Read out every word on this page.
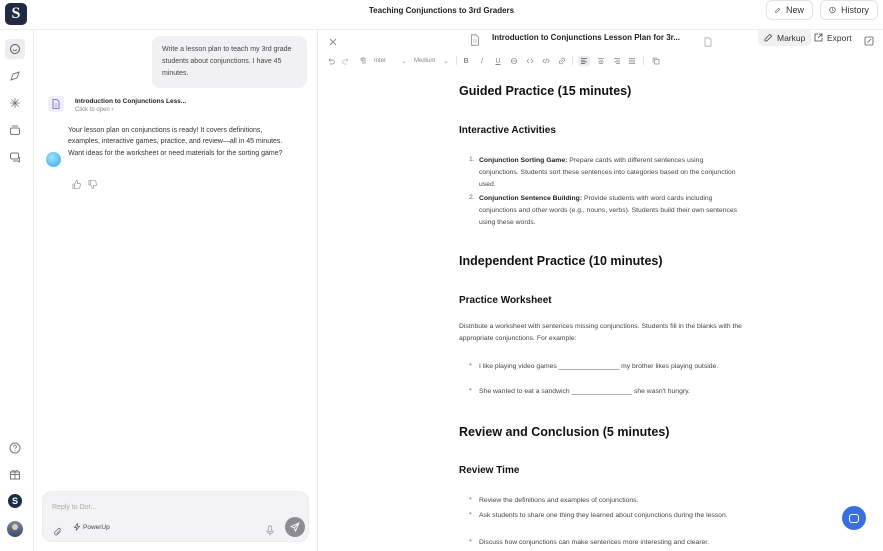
S	Teaching Conjunctions to 3rd Graders	New	History
S
Write a lesson plan to teach my 3rd grade students about conjunctions. I have 45 minutes.
Introduction to Conjunctions Less...
Click to open ›
Your lesson plan on conjunctions is ready! It covers definitions, examples, interactive games, practice, and review—all in 45 minutes. Want ideas for the worksheet or need materials for the sorting game?
Reply to Dot...
PowerUp
Introduction to Conjunctions Lesson Plan for 3r...	Markup	Export
Inter	⌄ Medium ⌄	B	I	U
Guided Practice (15 minutes)
Interactive Activities
1. Conjunction Sorting Game: Prepare cards with different sentences using conjunctions. Students sort these sentences into categories based on the conjunction used.
2. Conjunction Sentence Building: Provide students with word cards including conjunctions and other words (e.g., nouns, verbs). Students build their own sentences using these words.
Independent Practice (10 minutes)
Practice Worksheet
Distribute a worksheet with sentences missing conjunctions. Students fill in the blanks with the appropriate conjunctions. For example:
• I like playing video games ________________ my brother likes playing outside.
• She wanted to eat a sandwich ________________ she wasn't hungry.
Review and Conclusion (5 minutes)
Review Time
• Review the definitions and examples of conjunctions.
• Ask students to share one thing they learned about conjunctions during the lesson.
• Discuss how conjunctions can make sentences more interesting and clearer.
